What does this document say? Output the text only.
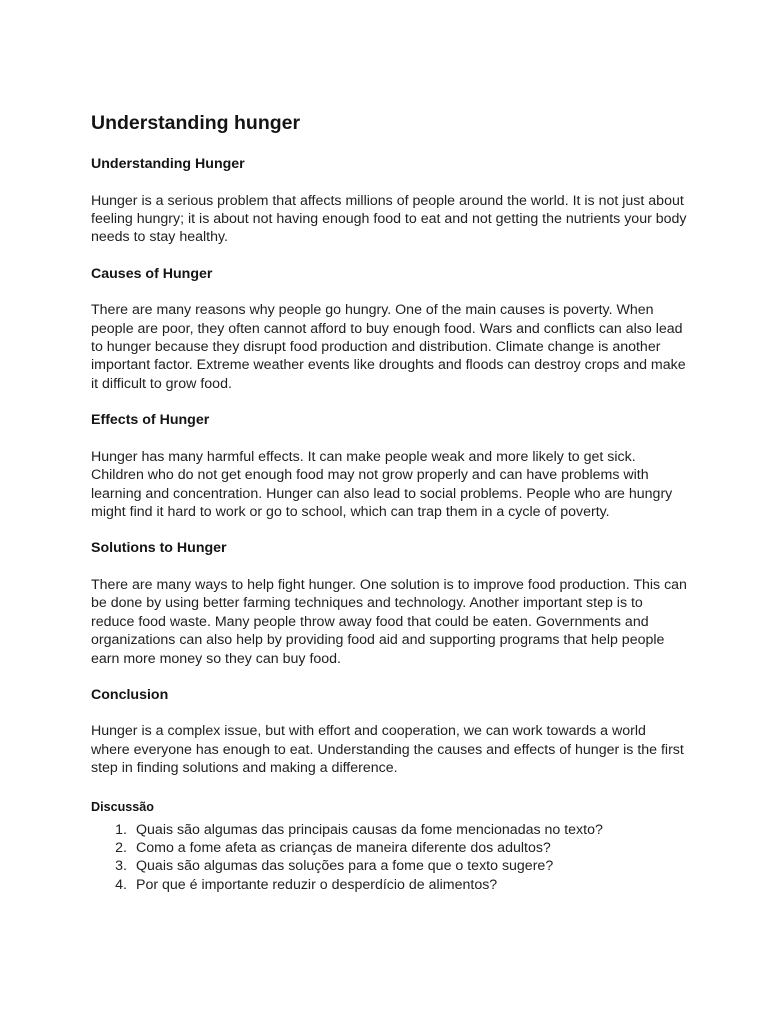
Understanding hunger
Understanding Hunger

Hunger is a serious problem that affects millions of people around the world. It is not just about feeling hungry; it is about not having enough food to eat and not getting the nutrients your body needs to stay healthy.

Causes of Hunger

There are many reasons why people go hungry. One of the main causes is poverty. When people are poor, they often cannot afford to buy enough food. Wars and conflicts can also lead to hunger because they disrupt food production and distribution. Climate change is another important factor. Extreme weather events like droughts and floods can destroy crops and make it difficult to grow food.

Effects of Hunger

Hunger has many harmful effects. It can make people weak and more likely to get sick. Children who do not get enough food may not grow properly and can have problems with learning and concentration. Hunger can also lead to social problems. People who are hungry might find it hard to work or go to school, which can trap them in a cycle of poverty.

Solutions to Hunger

There are many ways to help fight hunger. One solution is to improve food production. This can be done by using better farming techniques and technology. Another important step is to reduce food waste. Many people throw away food that could be eaten. Governments and organizations can also help by providing food aid and supporting programs that help people earn more money so they can buy food.

Conclusion

Hunger is a complex issue, but with effort and cooperation, we can work towards a world where everyone has enough to eat. Understanding the causes and effects of hunger is the first step in finding solutions and making a difference.

Discussão
1. Quais são algumas das principais causas da fome mencionadas no texto?
2. Como a fome afeta as crianças de maneira diferente dos adultos?
3. Quais são algumas das soluções para a fome que o texto sugere?
4. Por que é importante reduzir o desperdício de alimentos?
